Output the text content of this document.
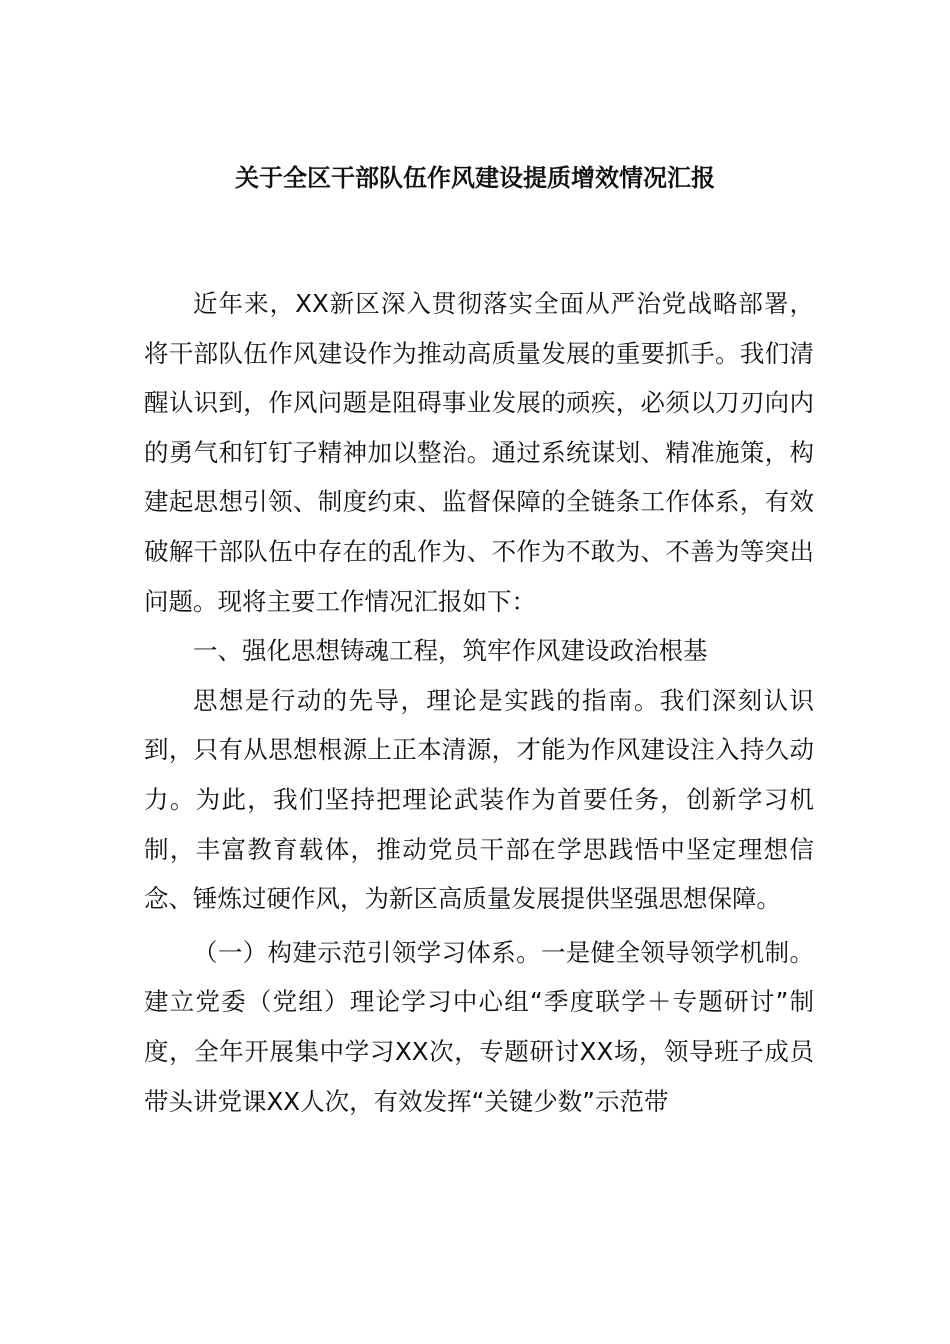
关于全区干部队伍作风建设提质增效情况汇报

近年来，XX新区深入贯彻落实全面从严治党战略部署，将干部队伍作风建设作为推动高质量发展的重要抓手。我们清醒认识到，作风问题是阻碍事业发展的顽疾，必须以刀刃向内的勇气和钉钉子精神加以整治。通过系统谋划、精准施策，构建起思想引领、制度约束、监督保障的全链条工作体系，有效破解干部队伍中存在的乱作为、不作为不敢为、不善为等突出问题。现将主要工作情况汇报如下：

一、强化思想铸魂工程，筑牢作风建设政治根基

思想是行动的先导，理论是实践的指南。我们深刻认识到，只有从思想根源上正本清源，才能为作风建设注入持久动力。为此，我们坚持把理论武装作为首要任务，创新学习机制，丰富教育载体，推动党员干部在学思践悟中坚定理想信念、锤炼过硬作风，为新区高质量发展提供坚强思想保障。

（一）构建示范引领学习体系。一是健全领导领学机制。建立党委（党组）理论学习中心组“季度联学＋专题研讨”制度，全年开展集中学习XX次，专题研讨XX场，领导班子成员带头讲党课XX人次，有效发挥“关键少数”示范带
